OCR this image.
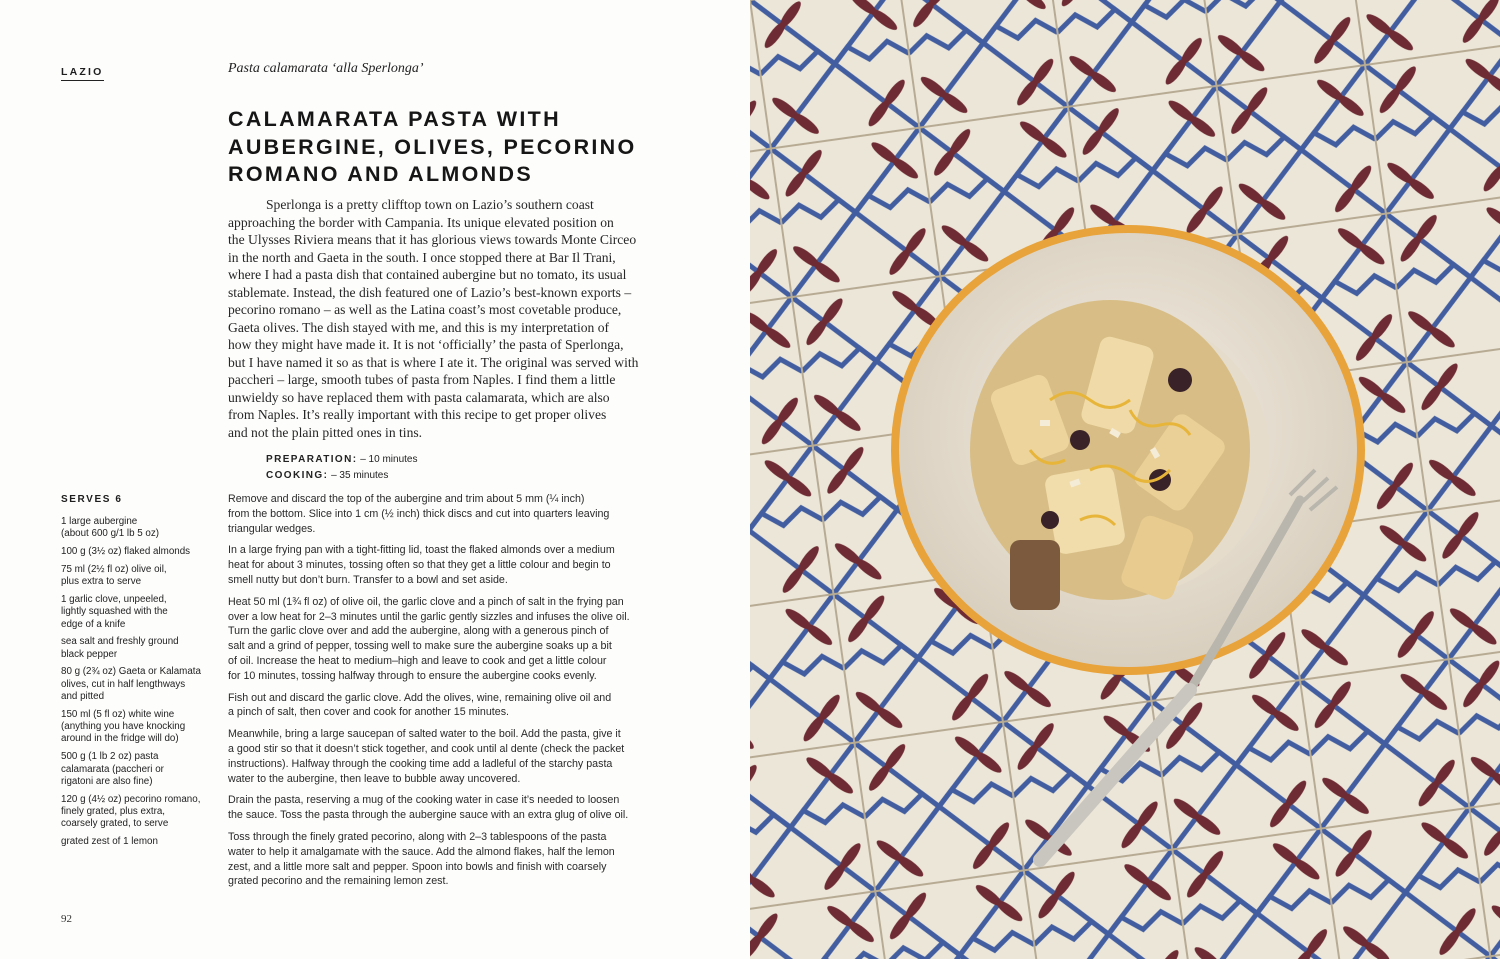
LAZIO	Pasta calamarata ‘alla Sperlonga’
CALAMARATA PASTA WITH
AUBERGINE, OLIVES, PECORINO
ROMANO AND ALMONDS
Sperlonga is a pretty clifftop town on Lazio’s southern coast
approaching the border with Campania. Its unique elevated position on
the Ulysses Riviera means that it has glorious views towards Monte Circeo
in the north and Gaeta in the south. I once stopped there at Bar Il Trani,
where I had a pasta dish that contained aubergine but no tomato, its usual
stablemate. Instead, the dish featured one of Lazio’s best-known exports –
pecorino romano – as well as the Latina coast’s most covetable produce,
Gaeta olives. The dish stayed with me, and this is my interpretation of
how they might have made it. It is not ‘officially’ the pasta of Sperlonga,
but I have named it so as that is where I ate it. The original was served with
paccheri – large, smooth tubes of pasta from Naples. I find them a little
unwieldy so have replaced them with pasta calamarata, which are also
from Naples. It’s really important with this recipe to get proper olives
and not the plain pitted ones in tins.
PREPARATION: – 10 minutes
COOKING: – 35 minutes
SERVES 6
1 large aubergine
(about 600 g/1 lb 5 oz)
100 g (3½ oz) flaked almonds
75 ml (2½ fl oz) olive oil,
plus extra to serve
1 garlic clove, unpeeled,
lightly squashed with the
edge of a knife
sea salt and freshly ground
black pepper
80 g (2¾ oz) Gaeta or Kalamata
olives, cut in half lengthways
and pitted
150 ml (5 fl oz) white wine
(anything you have knocking
around in the fridge will do)
500 g (1 lb 2 oz) pasta
calamarata (paccheri or
rigatoni are also fine)
120 g (4½ oz) pecorino romano,
finely grated, plus extra,
coarsely grated, to serve
grated zest of 1 lemon

Remove and discard the top of the aubergine and trim about 5 mm (¼ inch)
from the bottom. Slice into 1 cm (½ inch) thick discs and cut into quarters leaving
triangular wedges.

In a large frying pan with a tight-fitting lid, toast the flaked almonds over a medium
heat for about 3 minutes, tossing often so that they get a little colour and begin to
smell nutty but don’t burn. Transfer to a bowl and set aside.

Heat 50 ml (1¾ fl oz) of olive oil, the garlic clove and a pinch of salt in the frying pan
over a low heat for 2–3 minutes until the garlic gently sizzles and infuses the olive oil.
Turn the garlic clove over and add the aubergine, along with a generous pinch of
salt and a grind of pepper, tossing well to make sure the aubergine soaks up a bit
of oil. Increase the heat to medium–high and leave to cook and get a little colour
for 10 minutes, tossing halfway through to ensure the aubergine cooks evenly.

Fish out and discard the garlic clove. Add the olives, wine, remaining olive oil and
a pinch of salt, then cover and cook for another 15 minutes.

Meanwhile, bring a large saucepan of salted water to the boil. Add the pasta, give it
a good stir so that it doesn’t stick together, and cook until al dente (check the packet
instructions). Halfway through the cooking time add a ladleful of the starchy pasta
water to the aubergine, then leave to bubble away uncovered.

Drain the pasta, reserving a mug of the cooking water in case it’s needed to loosen
the sauce. Toss the pasta through the aubergine sauce with an extra glug of olive oil.

Toss through the finely grated pecorino, along with 2–3 tablespoons of the pasta
water to help it amalgamate with the sauce. Add the almond flakes, half the lemon
zest, and a little more salt and pepper. Spoon into bowls and finish with coarsely
grated pecorino and the remaining lemon zest.

92
